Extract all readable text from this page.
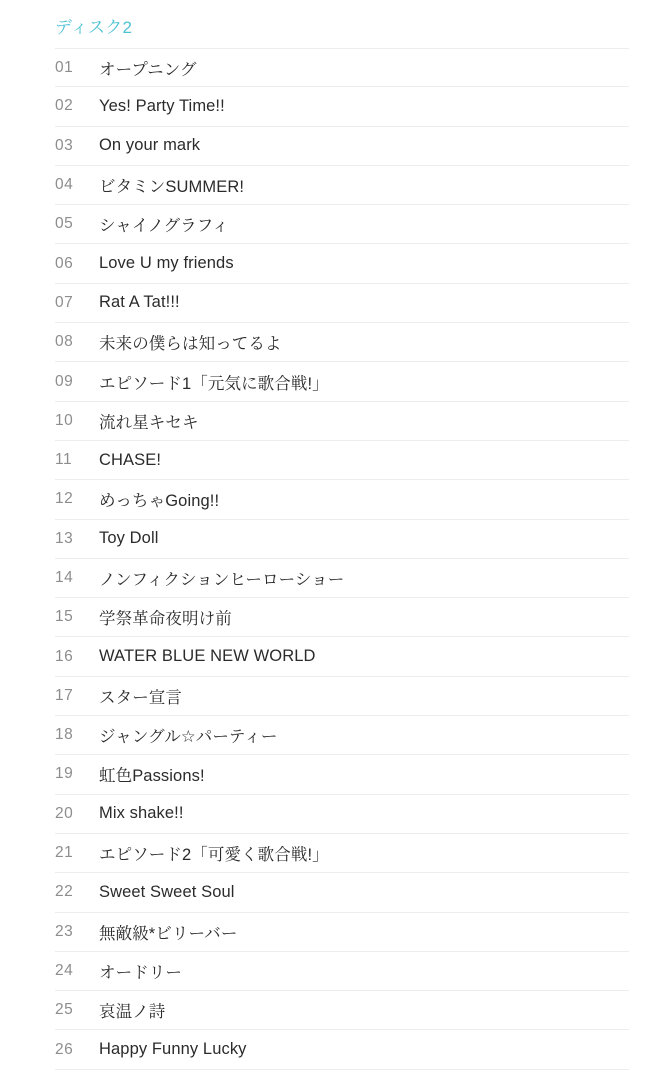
ディスク2
01	オープニング
02	Yes! Party Time!!
03	On your mark
04	ビタミンSUMMER!
05	シャイノグラフィ
06	Love U my friends
07	Rat A Tat!!!
08	未来の僕らは知ってるよ
09	エピソード1「元気に歌合戦!」
10	流れ星キセキ
11	CHASE!
12	めっちゃGoing!!
13	Toy Doll
14	ノンフィクションヒーローショー
15	学祭革命夜明け前
16	WATER BLUE NEW WORLD
17	スター宣言
18	ジャングル☆パーティー
19	虹色Passions!
20	Mix shake!!
21	エピソード2「可愛く歌合戦!」
22	Sweet Sweet Soul
23	無敵級*ビリーバー
24	オードリー
25	哀温ノ詩
26	Happy Funny Lucky
